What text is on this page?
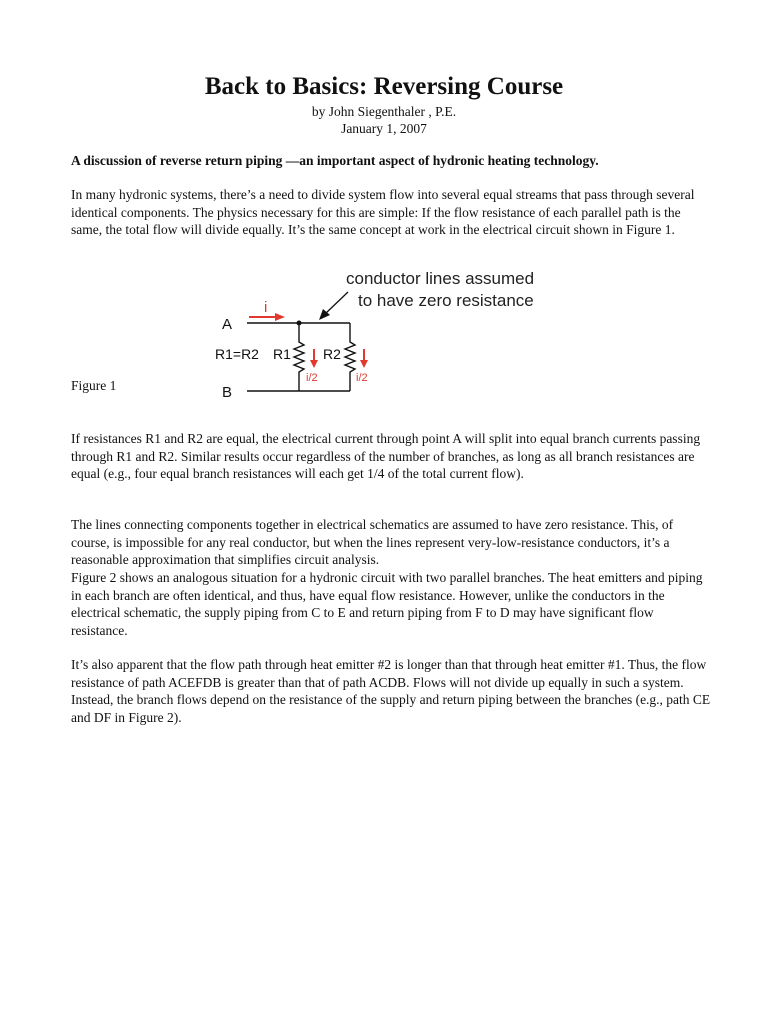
Back to Basics: Reversing Course
by John Siegenthaler , P.E.
January 1, 2007
A discussion of reverse return piping —an important aspect of hydronic heating technology.
In many hydronic systems, there’s a need to divide system flow into several equal streams that pass through several identical components. The physics necessary for this are simple: If the flow resistance of each parallel path is the same, the total flow will divide equally. It’s the same concept at work in the electrical circuit shown in Figure 1.
conductor lines assumed
to have zero resistance
A
B
R1=R2 R1 R2
i
i/2	i/2
Figure 1
If resistances R1 and R2 are equal, the electrical current through point A will split into equal branch currents passing through R1 and R2. Similar results occur regardless of the number of branches, as long as all branch resistances are equal (e.g., four equal branch resistances will each get 1/4 of the total current flow).
The lines connecting components together in electrical schematics are assumed to have zero resistance. This, of course, is impossible for any real conductor, but when the lines represent very-low-resistance conductors, it’s a reasonable approximation that simplifies circuit analysis.
Figure 2 shows an analogous situation for a hydronic circuit with two parallel branches. The heat emitters and piping in each branch are often identical, and thus, have equal flow resistance. However, unlike the conductors in the electrical schematic, the supply piping from C to E and return piping from F to D may have significant flow resistance.
It’s also apparent that the flow path through heat emitter #2 is longer than that through heat emitter #1. Thus, the flow resistance of path ACEFDB is greater than that of path ACDB. Flows will not divide up equally in such a system. Instead, the branch flows depend on the resistance of the supply and return piping between the branches (e.g., path CE and DF in Figure 2).
